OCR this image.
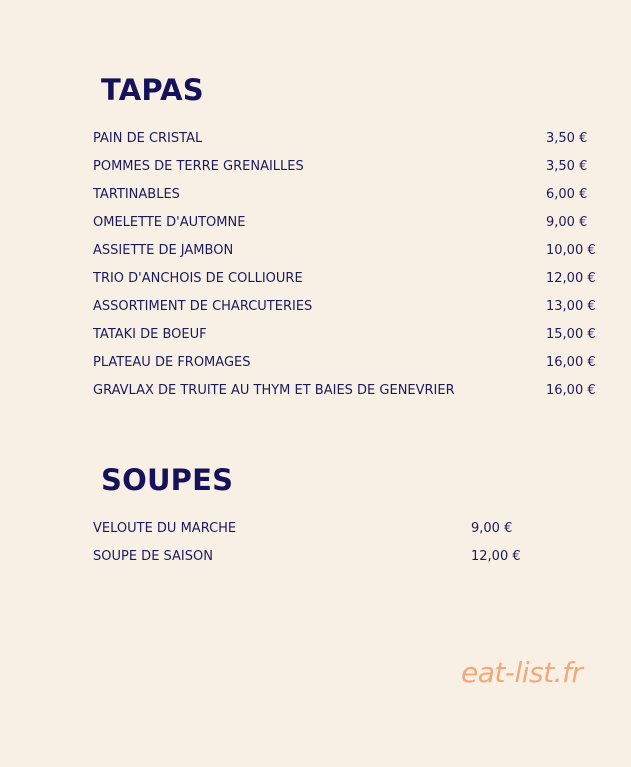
TAPAS
PAIN DE CRISTAL	3,50 €
POMMES DE TERRE GRENAILLES	3,50 €
TARTINABLES	6,00 €
OMELETTE D'AUTOMNE	9,00 €
ASSIETTE DE JAMBON	10,00 €
TRIO D'ANCHOIS DE COLLIOURE	12,00 €
ASSORTIMENT DE CHARCUTERIES	13,00 €
TATAKI DE BOEUF	15,00 €
PLATEAU DE FROMAGES	16,00 €
GRAVLAX DE TRUITE AU THYM ET BAIES DE GENEVRIER	16,00 €
SOUPES
VELOUTE DU MARCHE	9,00 €
SOUPE DE SAISON	12,00 €
eat-list.fr
